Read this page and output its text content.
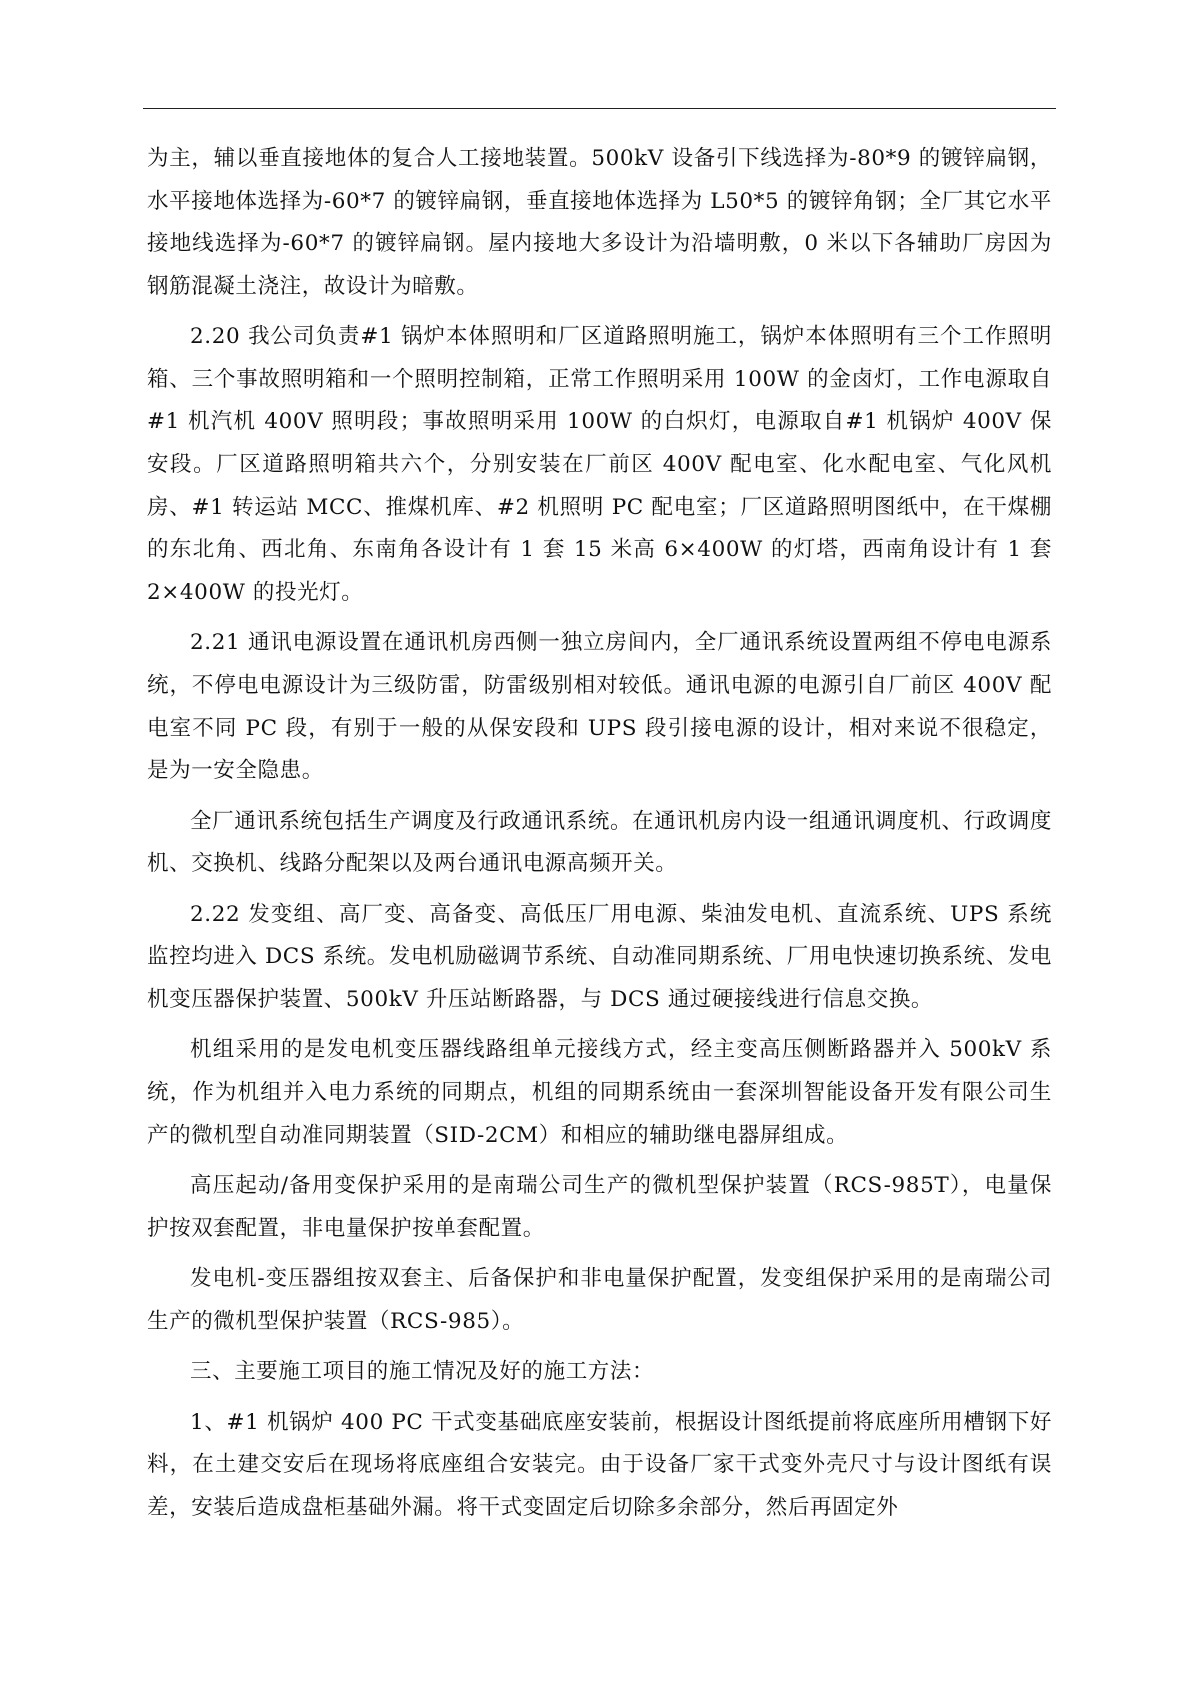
为主，辅以垂直接地体的复合人工接地装置。500kV 设备引下线选择为-80*9 的镀锌扁钢，水平接地体选择为-60*7 的镀锌扁钢，垂直接地体选择为 L50*5 的镀锌角钢；全厂其它水平接地线选择为-60*7 的镀锌扁钢。屋内接地大多设计为沿墙明敷，0 米以下各辅助厂房因为钢筋混凝土浇注，故设计为暗敷。

2.20 我公司负责#1 锅炉本体照明和厂区道路照明施工，锅炉本体照明有三个工作照明箱、三个事故照明箱和一个照明控制箱，正常工作照明采用 100W 的金卤灯，工作电源取自#1 机汽机 400V 照明段；事故照明采用 100W 的白炽灯，电源取自#1 机锅炉 400V 保安段。厂区道路照明箱共六个，分别安装在厂前区 400V 配电室、化水配电室、气化风机房、#1 转运站 MCC、推煤机库、#2 机照明 PC 配电室；厂区道路照明图纸中，在干煤棚的东北角、西北角、东南角各设计有 1 套 15 米高 6×400W 的灯塔，西南角设计有 1 套 2×400W 的投光灯。

2.21 通讯电源设置在通讯机房西侧一独立房间内，全厂通讯系统设置两组不停电电源系统，不停电电源设计为三级防雷，防雷级别相对较低。通讯电源的电源引自厂前区 400V 配电室不同 PC 段，有别于一般的从保安段和 UPS 段引接电源的设计，相对来说不很稳定，是为一安全隐患。

全厂通讯系统包括生产调度及行政通讯系统。在通讯机房内设一组通讯调度机、行政调度机、交换机、线路分配架以及两台通讯电源高频开关。

2.22 发变组、高厂变、高备变、高低压厂用电源、柴油发电机、直流系统、UPS 系统监控均进入 DCS 系统。发电机励磁调节系统、自动准同期系统、厂用电快速切换系统、发电机变压器保护装置、500kV 升压站断路器，与 DCS 通过硬接线进行信息交换。

机组采用的是发电机变压器线路组单元接线方式，经主变高压侧断路器并入 500kV 系统，作为机组并入电力系统的同期点，机组的同期系统由一套深圳智能设备开发有限公司生产的微机型自动准同期装置（SID-2CM）和相应的辅助继电器屏组成。

高压起动/备用变保护采用的是南瑞公司生产的微机型保护装置（RCS-985T），电量保护按双套配置，非电量保护按单套配置。

发电机-变压器组按双套主、后备保护和非电量保护配置，发变组保护采用的是南瑞公司生产的微机型保护装置（RCS-985）。

三、主要施工项目的施工情况及好的施工方法：

1、#1 机锅炉 400 PC 干式变基础底座安装前，根据设计图纸提前将底座所用槽钢下好料，在土建交安后在现场将底座组合安装完。由于设备厂家干式变外壳尺寸与设计图纸有误差，安装后造成盘柜基础外漏。将干式变固定后切除多余部分，然后再固定外
